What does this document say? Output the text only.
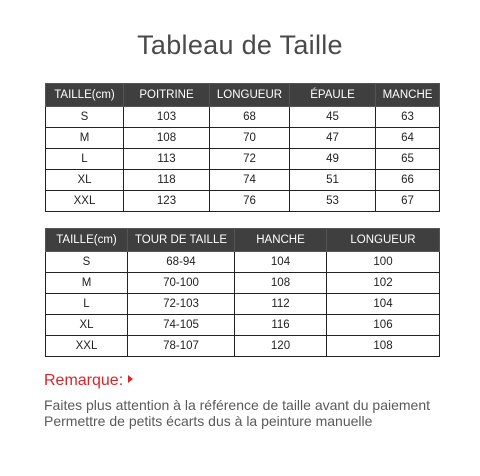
Tableau de Taille
TAILLE(cm)	POITRINE	LONGUEUR	ÉPAULE	MANCHE
S	103	68	45	63
M	108	70	47	64
L	113	72	49	65
XL	118	74	51	66
XXL	123	76	53	67
TAILLE(cm)	TOUR DE TAILLE	HANCHE	LONGUEUR
S	68-94	104	100
M	70-100	108	102
L	72-103	112	104
XL	74-105	116	106
XXL	78-107	120	108
Remarque:
Faites plus attention à la référence de taille avant du paiement Permettre de petits écarts dus à la peinture manuelle
